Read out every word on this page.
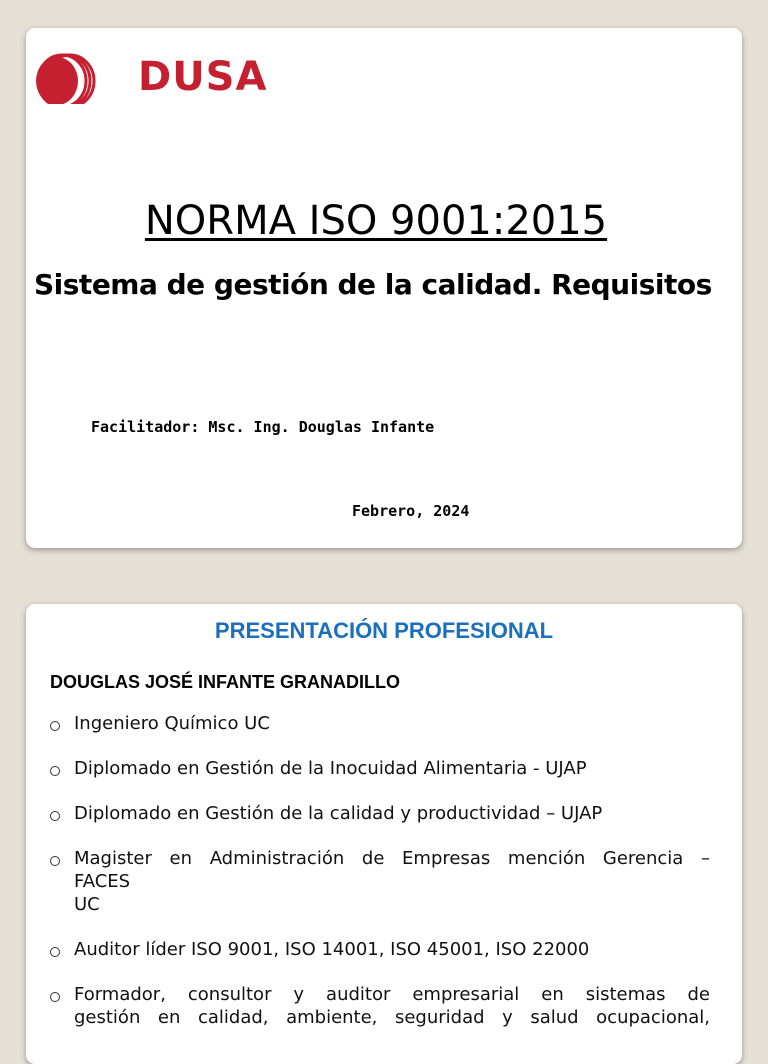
DUSA
NORMA ISO 9001:2015
Sistema de gestión de la calidad. Requisitos
Facilitador: Msc. Ing. Douglas Infante
Febrero, 2024
PRESENTACIÓN PROFESIONAL
DOUGLAS JOSÉ INFANTE GRANADILLO
Ingeniero Químico UC
Diplomado en Gestión de la Inocuidad Alimentaria - UJAP
Diplomado en Gestión de la calidad y productividad – UJAP
Magister en Administración de Empresas mención Gerencia –
FACES
UC
Auditor líder ISO 9001, ISO 14001, ISO 45001, ISO 22000
Formador, consultor y auditor empresarial en sistemas de
gestión en calidad, ambiente, seguridad y salud ocupacional,
